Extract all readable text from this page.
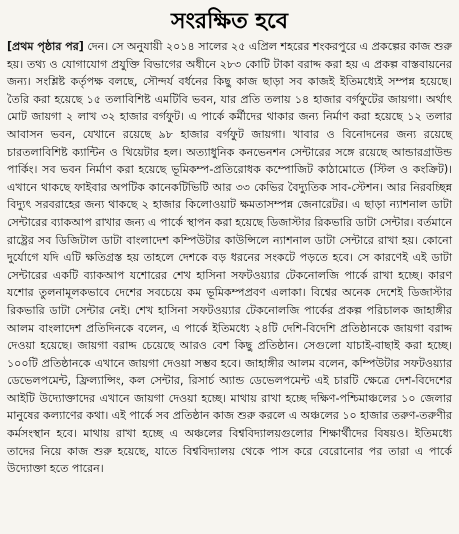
সংরক্ষিত হবে

[প্রথম পৃষ্ঠার পর] দেন। সে অনুযায়ী ২০১৪ সালের ২৫ এপ্রিল শহরের শংকরপুরে এ প্রকল্পের কাজ শুরু হয়। তথ্য ও যোগাযোগ প্রযুক্তি বিভাগের অধীনে ২৮৩ কোটি টাকা বরাদ্দ করা হয় এ প্রকল্প বাস্তবায়নের জন্য। সংশ্লিষ্ট কর্তৃপক্ষ বলছে, সৌন্দর্য বর্ধনের কিছু কাজ ছাড়া সব কাজই ইতিমধ্যেই সম্পন্ন হয়েছে। তৈরি করা হয়েছে ১৫ তলাবিশিষ্ট এমটিবি ভবন, যার প্রতি তলায় ১৪ হাজার বর্গফুটের জায়গা। অর্থাৎ মোট জায়গা ২ লাখ ৩২ হাজার বর্গফুট। এ পার্কে কর্মীদের থাকার জন্য নির্মাণ করা হয়েছে ১২ তলার আবাসন ভবন, যেখানে রয়েছে ৯৮ হাজার বর্গফুট জায়গা। খাবার ও বিনোদনের জন্য রয়েছে চারতলাবিশিষ্ট ক্যান্টিন ও থিয়েটার হল। অত্যাধুনিক কনভেনশন সেন্টারের সঙ্গে রয়েছে আন্ডারগ্রাউন্ড পার্কিং। সব ভবন নির্মাণ করা হয়েছে ভূমিকম্প-প্রতিরোধক কম্পোজিট কাঠামোতে (স্টিল ও কংক্রিট)। এখানে থাকছে ফাইবার অপটিক কানেকটিভিটি আর ৩৩ কেভির বৈদ্যুতিক সাব-স্টেশন। আর নিরবচ্ছিন্ন বিদ্যুৎ সরবরাহের জন্য থাকছে ২ হাজার কিলোওয়াট ক্ষমতাসম্পন্ন জেনারেটর। এ ছাড়া ন্যাশনাল ডাটা সেন্টারের ব্যাকআপ রাখার জন্য এ পার্কে স্থাপন করা হয়েছে ডিজাস্টার রিকভারি ডাটা সেন্টার। বর্তমানে রাষ্ট্রের সব ডিজিটাল ডাটা বাংলাদেশ কম্পিউটার কাউন্সিলে ন্যাশনাল ডাটা সেন্টারে রাখা হয়। কোনো দুর্যোগে যদি এটি ক্ষতিগ্রস্ত হয় তাহলে দেশকে বড় ধরনের সংকটে পড়তে হবে। সে কারণেই এই ডাটা সেন্টারের একটি ব্যাকআপ যশোরের শেখ হাসিনা সফটওয়্যার টেকনোলজি পার্কে রাখা হচ্ছে। কারণ যশোর তুলনামূলকভাবে দেশের সবচেয়ে কম ভূমিকম্পপ্রবণ এলাকা। বিশ্বের অনেক দেশেই ডিজাস্টার রিকভারি ডাটা সেন্টার নেই। শেখ হাসিনা সফটওয়্যার টেকনোলজি পার্কের প্রকল্প পরিচালক জাহাঙ্গীর আলম বাংলাদেশ প্রতিদিনকে বলেন, এ পার্কে ইতিমধ্যে ২৪টি দেশি-বিদেশি প্রতিষ্ঠানকে জায়গা বরাদ্দ দেওয়া হয়েছে। জায়গা বরাদ্দ চেয়েছে আরও বেশ কিছু প্রতিষ্ঠান। সেগুলো যাচাই-বাছাই করা হচ্ছে। ১০০টি প্রতিষ্ঠানকে এখানে জায়গা দেওয়া সম্ভব হবে। জাহাঙ্গীর আলম বলেন, কম্পিউটার সফটওয়্যার ডেভেলপমেন্ট, ফ্রিল্যান্সিং, কল সেন্টার, রিসার্চ অ্যান্ড ডেভেলপমেন্ট এই চারটি ক্ষেত্রে দেশ-বিদেশের আইটি উদ্যোক্তাদের এখানে জায়গা দেওয়া হচ্ছে। মাথায় রাখা হচ্ছে দক্ষিণ-পশ্চিমাঞ্চলের ১০ জেলার মানুষের কল্যাণের কথা। এই পার্কে সব প্রতিষ্ঠান কাজ শুরু করলে এ অঞ্চলের ১০ হাজার তরুণ-তরুণীর কর্মসংস্থান হবে। মাথায় রাখা হচ্ছে এ অঞ্চলের বিশ্ববিদ্যালয়গুলোর শিক্ষার্থীদের বিষয়ও। ইতিমধ্যে তাদের নিয়ে কাজ শুরু হয়েছে, যাতে বিশ্ববিদ্যালয় থেকে পাস করে বেরোনোর পর তারা এ পার্কে উদ্যোক্তা হতে পারেন।
